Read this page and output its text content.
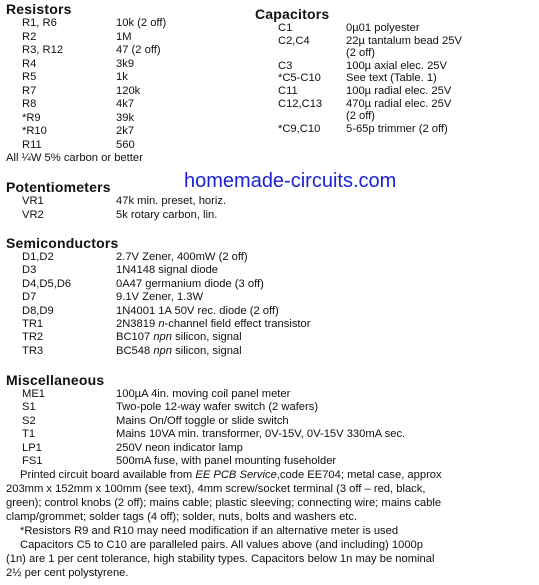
Resistors
R1, R6	10k (2 off)
R2	1M
R3, R12	47 (2 off)
R4	3k9
R5	1k
R7	120k
R8	4k7
*R9	39k
*R10	2k7
R11	560
All ¼W 5% carbon or better
Capacitors
C1	0µ01 polyester
C2,C4	22µ tantalum bead 25V
(2 off)
C3	100µ axial elec. 25V
*C5-C10 See text (Table. 1)
C11	100µ radial elec. 25V
C12,C13 470µ radial elec. 25V
(2 off)
*C9,C10 5-65p trimmer (2 off)
homemade-circuits.com
Potentiometers
VR1	47k min. preset, horiz.
VR2	5k rotary carbon, lin.
Semiconductors
D1,D2	2.7V Zener, 400mW (2 off)
D3	1N4148 signal diode
D4,D5,D6	0A47 germanium diode (3 off)
D7	9.1V Zener, 1.3W
D8,D9	1N4001 1A 50V rec. diode (2 off)
TR1	2N3819 n-channel field effect transistor
TR2	BC107 npn silicon, signal
TR3	BC548 npn silicon, signal
Miscellaneous
ME1	100µA 4in. moving coil panel meter
S1	Two-pole 12-way wafer switch (2 wafers)
S2	Mains On/Off toggle or slide switch
T1	Mains 10VA min. transformer, 0V-15V, 0V-15V 330mA sec.
LP1	250V neon indicator lamp
FS1	500mA fuse, with panel mounting fuseholder
Printed circuit board available from EE PCB Service,code EE704; metal case, approx
203mm x 152mm x 100mm (see text), 4mm screw/socket terminal (3 off – red, black,
green); control knobs (2 off); mains cable; plastic sleeving; connecting wire; mains cable
clamp/grommet; solder tags (4 off); solder, nuts, bolts and washers etc.
*Resistors R9 and R10 may need modification if an alternative meter is used
Capacitors C5 to C10 are paralleled pairs. All values above (and including) 1000p
(1n) are 1 per cent tolerance, high stability types. Capacitors below 1n may be nominal
2½ per cent polystyrene.
